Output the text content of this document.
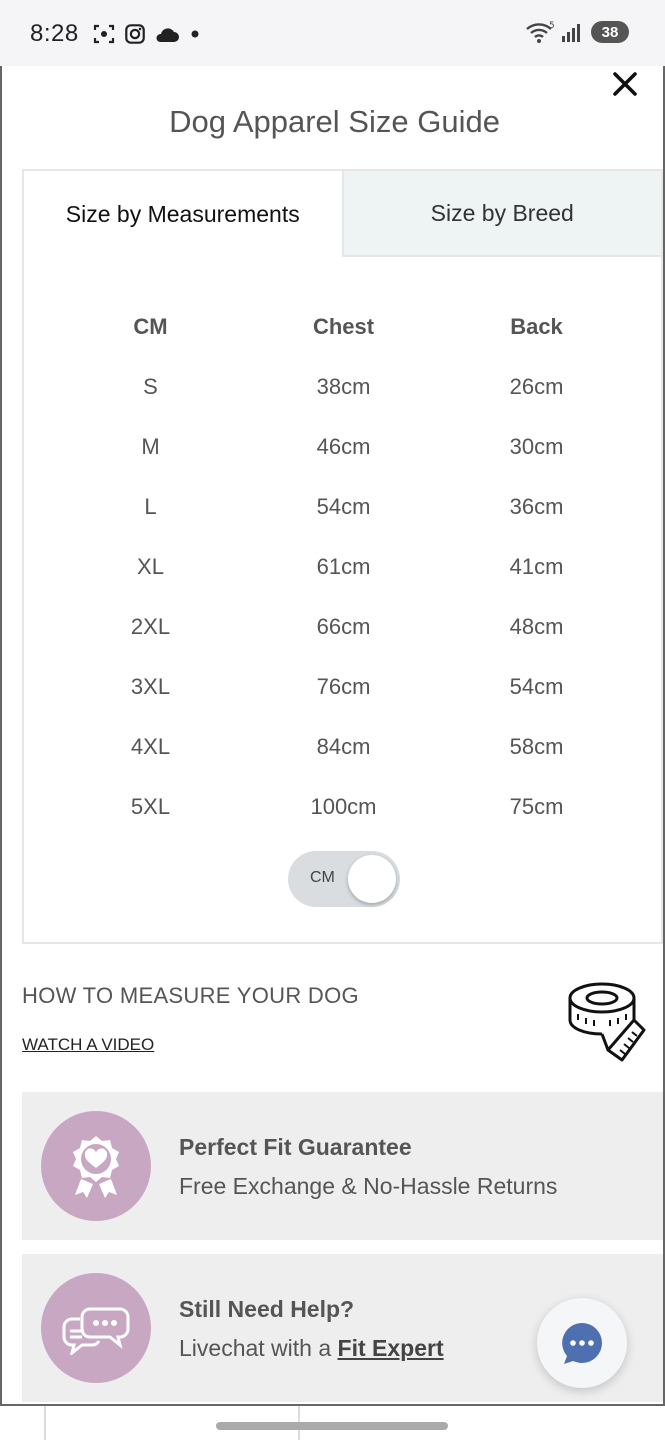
8:28	5	38
Dog Apparel Size Guide
Size by Measurements	Size by Breed
CM	Chest	Back
S	38cm	26cm
M	46cm	30cm
L	54cm	36cm
XL	61cm	41cm
2XL	66cm	48cm
3XL	76cm	54cm
4XL	84cm	58cm
5XL	100cm	75cm
CM
HOW TO MEASURE YOUR DOG
WATCH A VIDEO
Perfect Fit Guarantee
Free Exchange & No-Hassle Returns
Still Need Help?
Livechat with a Fit Expert
